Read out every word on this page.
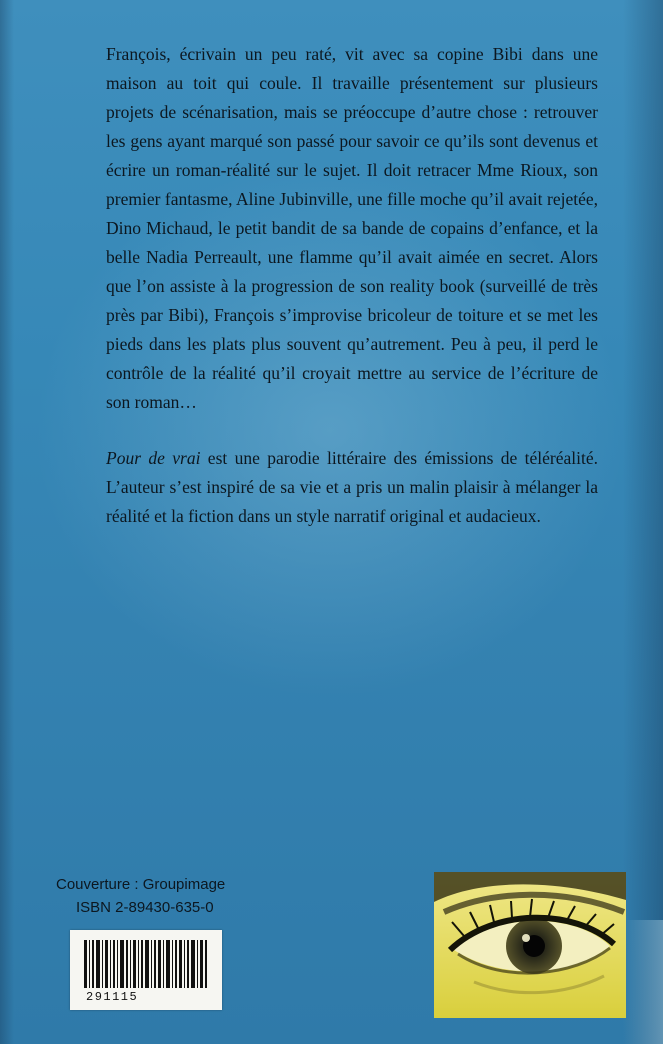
François, écrivain un peu raté, vit avec sa copine Bibi dans une maison au toit qui coule. Il travaille présentement sur plusieurs projets de scénarisation, mais se préoccupe d’autre chose : retrouver les gens ayant marqué son passé pour savoir ce qu’ils sont devenus et écrire un roman-réalité sur le sujet. Il doit retracer Mme Rioux, son premier fantasme, Aline Jubinville, une fille moche qu’il avait rejetée, Dino Michaud, le petit bandit de sa bande de copains d’enfance, et la belle Nadia Perreault, une flamme qu’il avait aimée en secret. Alors que l’on assiste à la progression de son reality book (surveillé de très près par Bibi), François s’improvise bricoleur de toiture et se met les pieds dans les plats plus souvent qu’autrement. Peu à peu, il perd le contrôle de la réalité qu’il croyait mettre au service de l’écriture de son roman…

Pour de vrai est une parodie littéraire des émissions de téléréalité. L’auteur s’est inspiré de sa vie et a pris un malin plaisir à mélanger la réalité et la fiction dans un style narratif original et audacieux.

Couverture : Groupimage
ISBN 2-89430-635-0
291115
